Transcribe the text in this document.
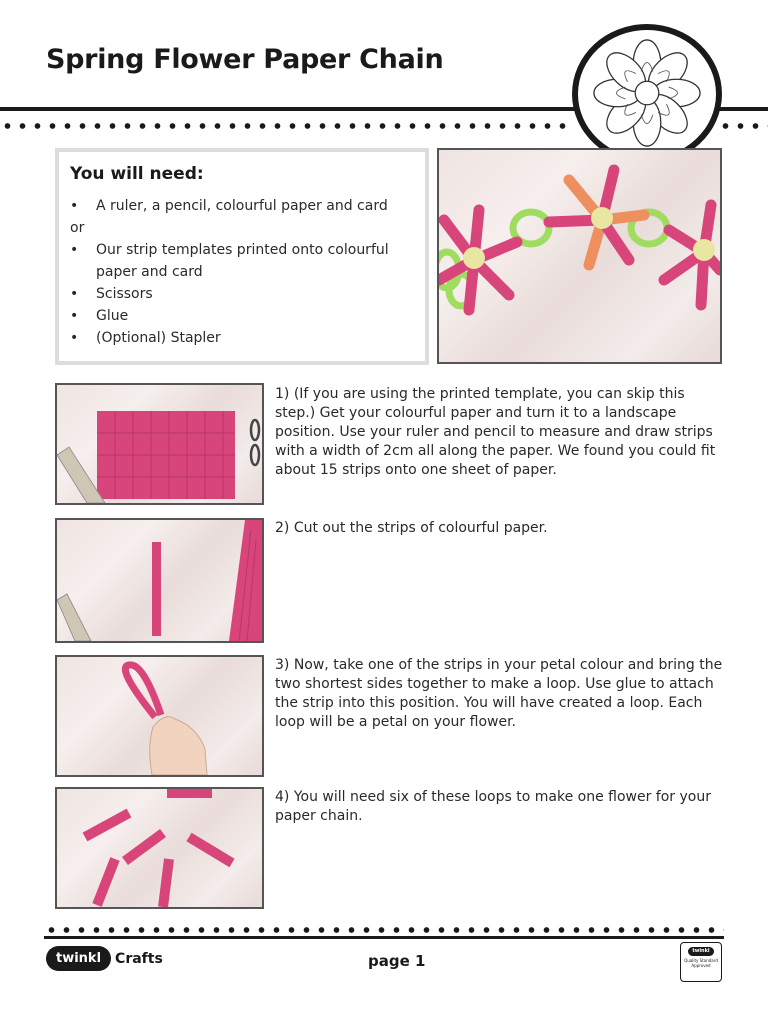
Spring Flower Paper Chain
You will need:
• A ruler, a pencil, colourful paper and card
or
• Our strip templates printed onto colourful
paper and card
• Scissors
• Glue
• (Optional) Stapler

1) (If you are using the printed template, you can skip this step.) Get your colourful paper and turn it to a landscape position. Use your ruler and pencil to measure and draw strips with a width of 2cm all along the paper. We found you could fit about 15 strips onto one sheet of paper.

2) Cut out the strips of colourful paper.

3) Now, take one of the strips in your petal colour and bring the two shortest sides together to make a loop. Use glue to attach the strip into this position. You will have created a loop. Each loop will be a petal on your flower.

4) You will need six of these loops to make one flower for your paper chain.

twinkl	Crafts	page 1
twinkl
Quality Standard Approved
